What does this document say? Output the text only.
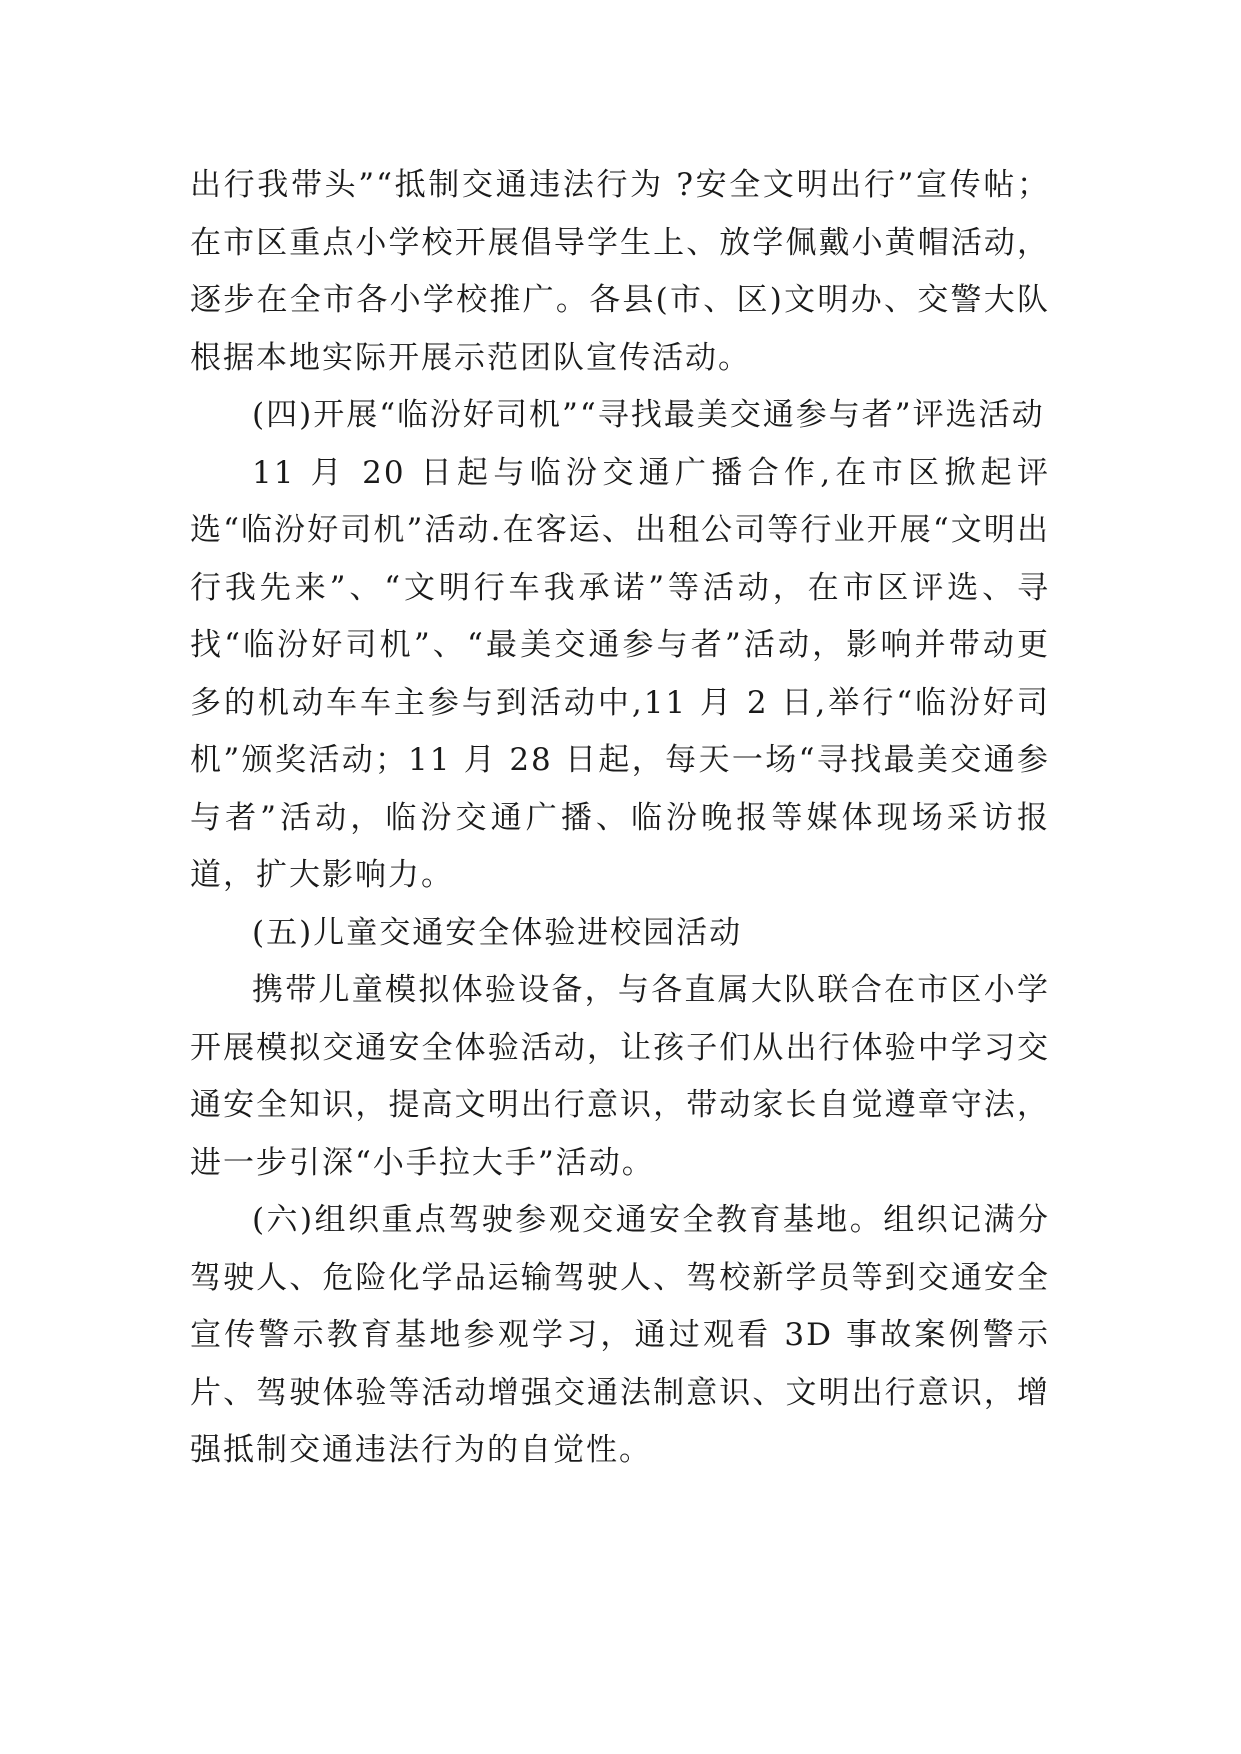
出行我带头”“抵制交通违法行为 ?安全文明出行”宣传帖；在市区重点小学校开展倡导学生上、放学佩戴小黄帽活动，逐步在全市各小学校推广。各县(市、区)文明办、交警大队根据本地实际开展示范团队宣传活动。

(四)开展“临汾好司机”“寻找最美交通参与者”评选活动

11 月 20 日起与临汾交通广播合作,在市区掀起评选“临汾好司机”活动.在客运、出租公司等行业开展“文明出行我先来”、“文明行车我承诺”等活动，在市区评选、寻找“临汾好司机”、“最美交通参与者”活动，影响并带动更多的机动车车主参与到活动中,11 月 2 日,举行“临汾好司机”颁奖活动；11 月 28 日起，每天一场“寻找最美交通参与者”活动，临汾交通广播、临汾晚报等媒体现场采访报道，扩大影响力。

(五)儿童交通安全体验进校园活动

携带儿童模拟体验设备，与各直属大队联合在市区小学开展模拟交通安全体验活动，让孩子们从出行体验中学习交通安全知识，提高文明出行意识，带动家长自觉遵章守法，进一步引深“小手拉大手”活动。

(六)组织重点驾驶参观交通安全教育基地。组织记满分驾驶人、危险化学品运输驾驶人、驾校新学员等到交通安全宣传警示教育基地参观学习，通过观看 3D 事故案例警示片、驾驶体验等活动增强交通法制意识、文明出行意识，增强抵制交通违法行为的自觉性。
